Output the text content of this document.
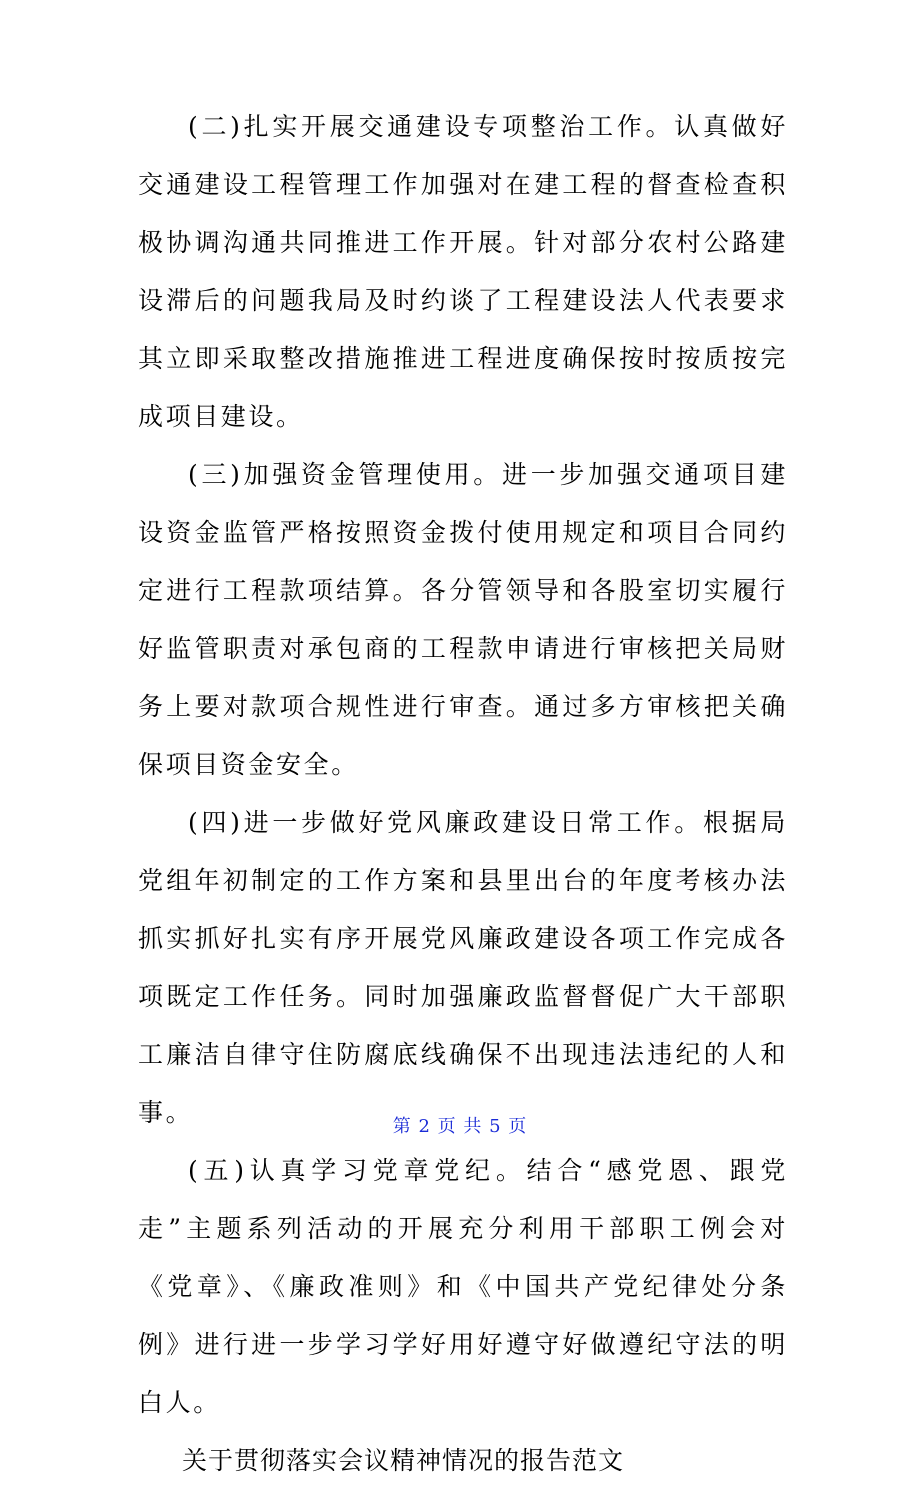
(二)扎实开展交通建设专项整治工作。认真做好交通建设工程管理工作加强对在建工程的督查检查积极协调沟通共同推进工作开展。针对部分农村公路建设滞后的问题我局及时约谈了工程建设法人代表要求其立即采取整改措施推进工程进度确保按时按质按完成项目建设。

(三)加强资金管理使用。进一步加强交通项目建设资金监管严格按照资金拨付使用规定和项目合同约定进行工程款项结算。各分管领导和各股室切实履行好监管职责对承包商的工程款申请进行审核把关局财务上要对款项合规性进行审查。通过多方审核把关确保项目资金安全。

(四)进一步做好党风廉政建设日常工作。根据局党组年初制定的工作方案和县里出台的年度考核办法抓实抓好扎实有序开展党风廉政建设各项工作完成各项既定工作任务。同时加强廉政监督督促广大干部职工廉洁自律守住防腐底线确保不出现违法违纪的人和事。

(五)认真学习党章党纪。结合“感党恩、跟党走”主题系列活动的开展充分利用干部职工例会对《党章》、《廉政准则》和《中国共产党纪律处分条例》进行进一步学习学好用好遵守好做遵纪守法的明白人。

关于贯彻落实会议精神情况的报告范文

第 2 页 共 5 页
